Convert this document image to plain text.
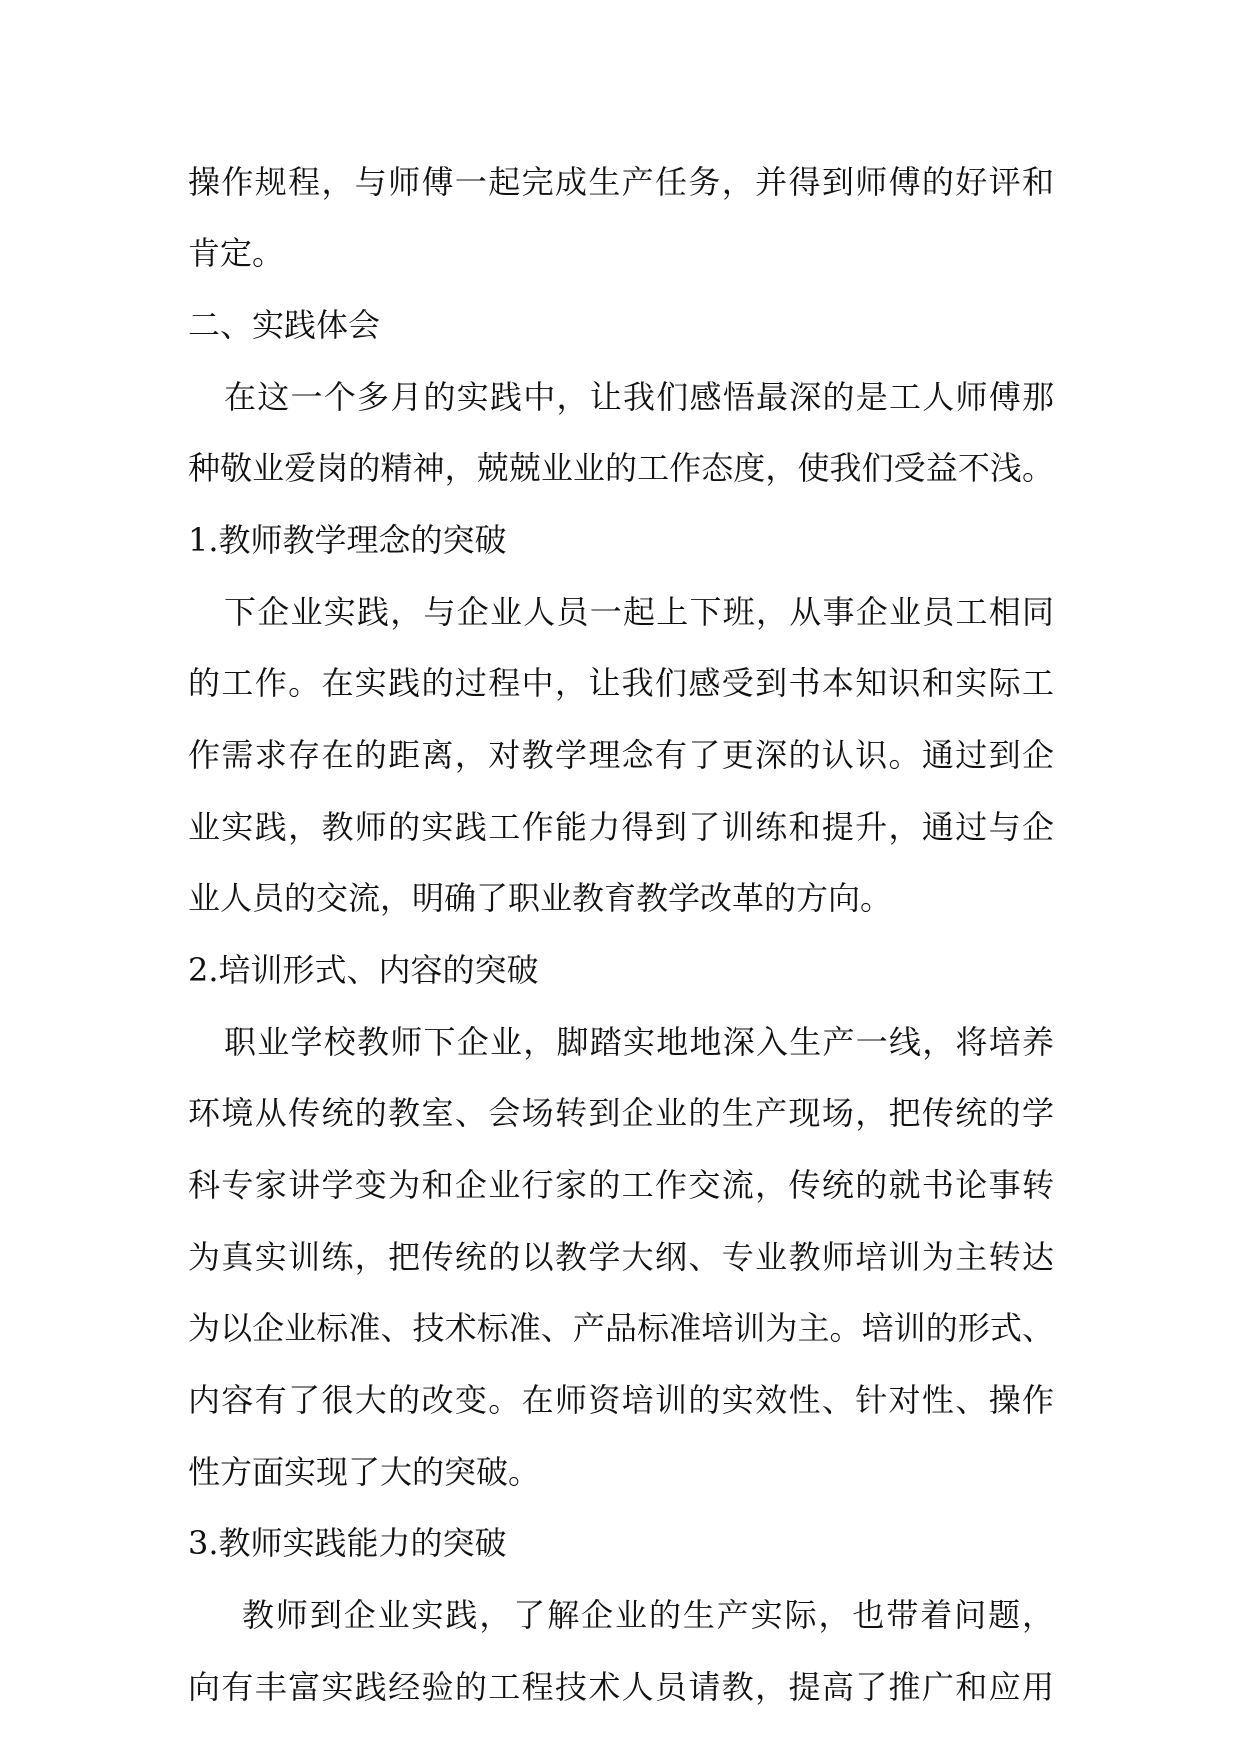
操作规程，与师傅一起完成生产任务，并得到师傅的好评和
肯定。
二、实践体会
在这一个多月的实践中，让我们感悟最深的是工人师傅那
种敬业爱岗的精神，兢兢业业的工作态度，使我们受益不浅。
1.教师教学理念的突破
下企业实践，与企业人员一起上下班，从事企业员工相同
的工作。在实践的过程中，让我们感受到书本知识和实际工
作需求存在的距离，对教学理念有了更深的认识。通过到企
业实践，教师的实践工作能力得到了训练和提升，通过与企
业人员的交流，明确了职业教育教学改革的方向。
2.培训形式、内容的突破
职业学校教师下企业，脚踏实地地深入生产一线，将培养
环境从传统的教室、会场转到企业的生产现场，把传统的学
科专家讲学变为和企业行家的工作交流，传统的就书论事转
为真实训练，把传统的以教学大纲、专业教师培训为主转达
为以企业标准、技术标准、产品标准培训为主。培训的形式、
内容有了很大的改变。在师资培训的实效性、针对性、操作
性方面实现了大的突破。
3.教师实践能力的突破
教师到企业实践，了解企业的生产实际，也带着问题，
向有丰富实践经验的工程技术人员请教，提高了推广和应用
